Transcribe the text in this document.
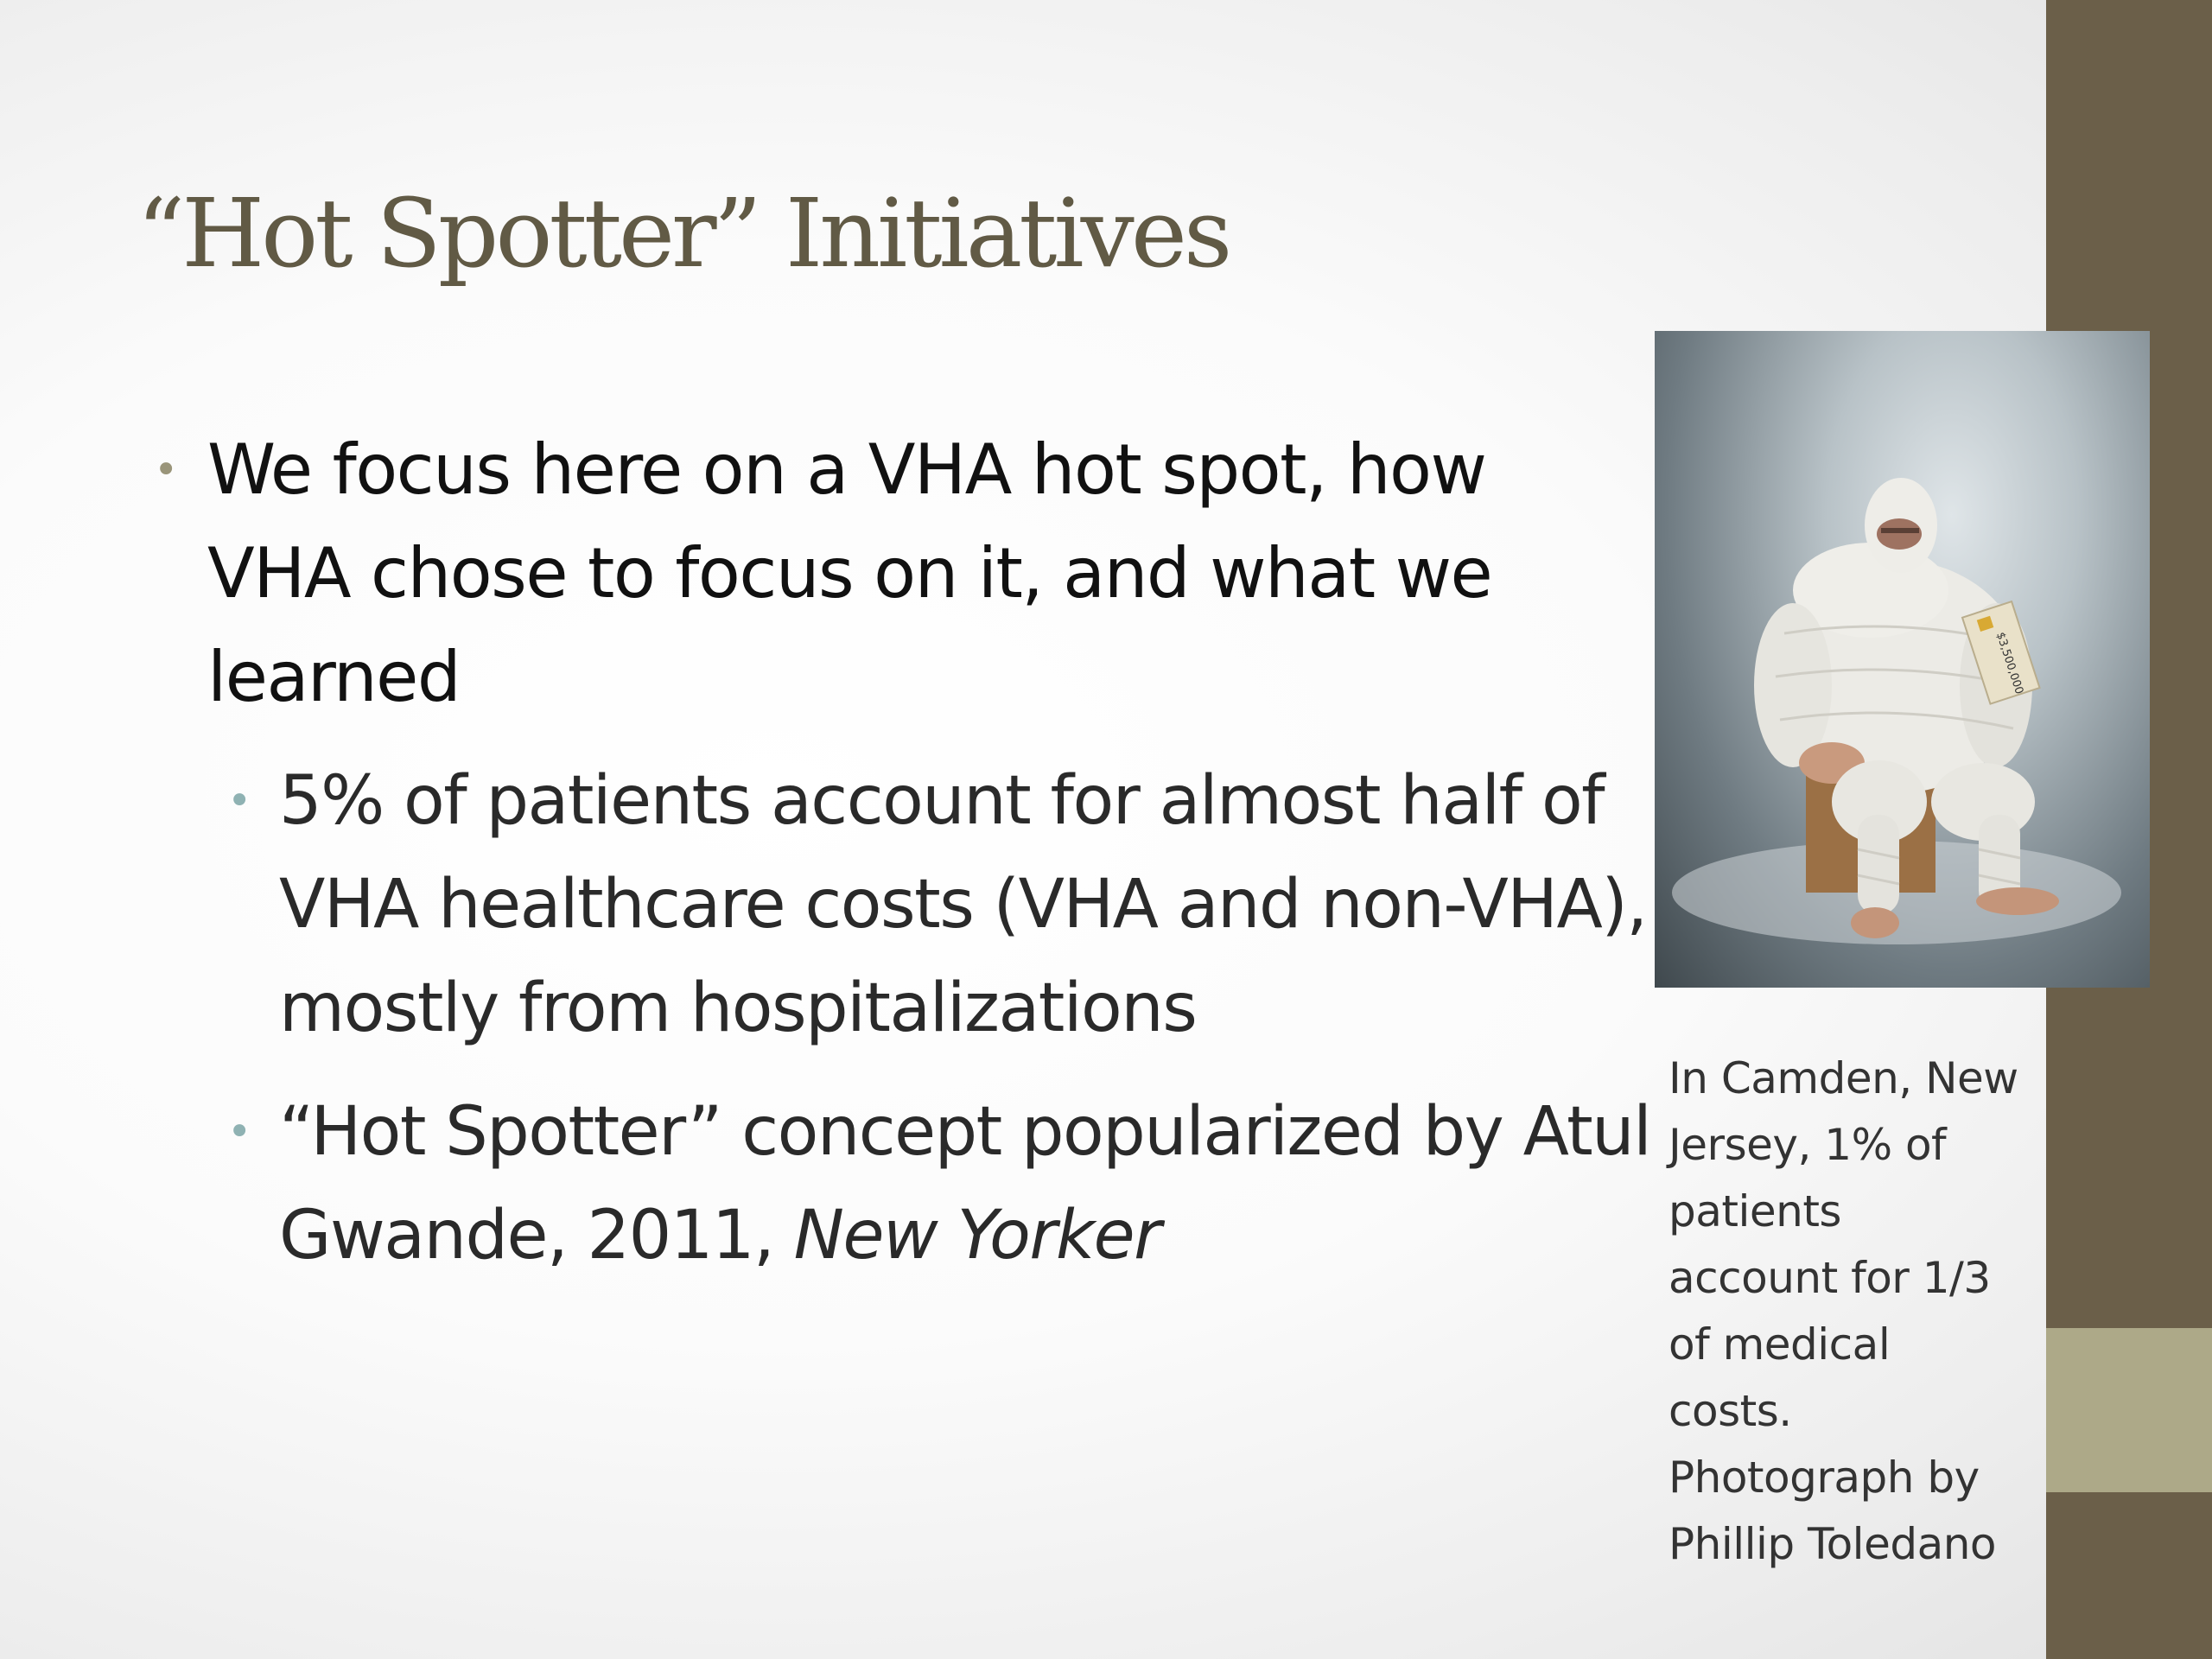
“Hot Spotter” Initiatives
• We focus here on a VHA hot spot, how VHA chose to focus on it, and what we learned
• 5% of patients account for almost half of VHA healthcare costs (VHA and non-VHA), mostly from hospitalizations
• “Hot Spotter” concept popularized by Atul Gwande, 2011, New Yorker
$3,500,000
In Camden, New
Jersey, 1% of
patients
account for 1/3
of medical
costs.
Photograph by
Phillip Toledano
